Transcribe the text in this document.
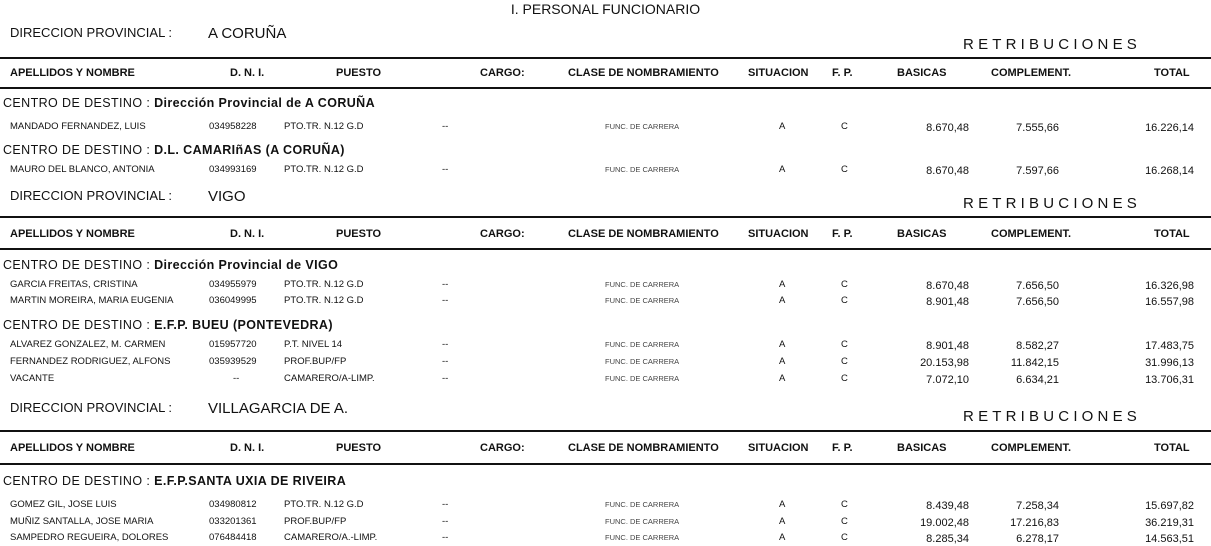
I. PERSONAL FUNCIONARIO
DIRECCION PROVINCIAL : A CORUÑA
RETRIBUCIONES
APELLIDOS Y NOMBRE	D. N. I.	PUESTO	CARGO:	CLASE DE NOMBRAMIENTO	SITUACION F. P.	BASICAS	COMPLEMENT.	TOTAL
CENTRO DE DESTINO : Dirección Provincial de A CORUÑA
MANDADO FERNANDEZ, LUIS	034958228	PTO.TR. N.12 G.D	--	FUNC. DE CARRERA	A	C	8.670,48	7.555,66	16.226,14
CENTRO DE DESTINO : D.L. CAMARIñAS (A CORUÑA)
MAURO DEL BLANCO, ANTONIA	034993169	PTO.TR. N.12 G.D	--	FUNC. DE CARRERA	A	C	8.670,48	7.597,66	16.268,14
DIRECCION PROVINCIAL : VIGO	RETRIBUCIONES
APELLIDOS Y NOMBRE	D. N. I.	PUESTO	CARGO:	CLASE DE NOMBRAMIENTO	SITUACION F. P.	BASICAS	COMPLEMENT.	TOTAL
CENTRO DE DESTINO : Dirección Provincial de VIGO
GARCIA FREITAS, CRISTINA	034955979	PTO.TR. N.12 G.D	--	FUNC. DE CARRERA	A	C	8.670,48	7.656,50	16.326,98
MARTIN MOREIRA, MARIA EUGENIA	036049995	PTO.TR. N.12 G.D	--	FUNC. DE CARRERA	A	C	8.901,48	7.656,50	16.557,98
CENTRO DE DESTINO : E.F.P. BUEU (PONTEVEDRA)
ALVAREZ GONZALEZ, M. CARMEN	015957720	P.T. NIVEL 14	--	FUNC. DE CARRERA	A	C	8.901,48	8.582,27	17.483,75
FERNANDEZ RODRIGUEZ, ALFONS	035939529	PROF.BUP/FP	--	FUNC. DE CARRERA	A	C	20.153,98	11.842,15	31.996,13
VACANTE	--	CAMARERO/A-LIMP.	--	FUNC. DE CARRERA	A	C	7.072,10	6.634,21	13.706,31
DIRECCION PROVINCIAL : VILLAGARCIA DE A.	RETRIBUCIONES
APELLIDOS Y NOMBRE	D. N. I.	PUESTO	CARGO:	CLASE DE NOMBRAMIENTO	SITUACION F. P.	BASICAS	COMPLEMENT.	TOTAL
CENTRO DE DESTINO : E.F.P.SANTA UXIA DE RIVEIRA
GOMEZ GIL, JOSE LUIS	034980812	PTO.TR. N.12 G.D	--	FUNC. DE CARRERA	A	C	8.439,48	7.258,34	15.697,82
MUÑIZ SANTALLA, JOSE MARIA	033201361	PROF.BUP/FP	--	FUNC. DE CARRERA	A	C	19.002,48	17.216,83	36.219,31
SAMPEDRO REGUEIRA, DOLORES	076484418	CAMARERO/A.-LIMP.	--	FUNC. DE CARRERA	A	C	8.285,34	6.278,17	14.563,51
